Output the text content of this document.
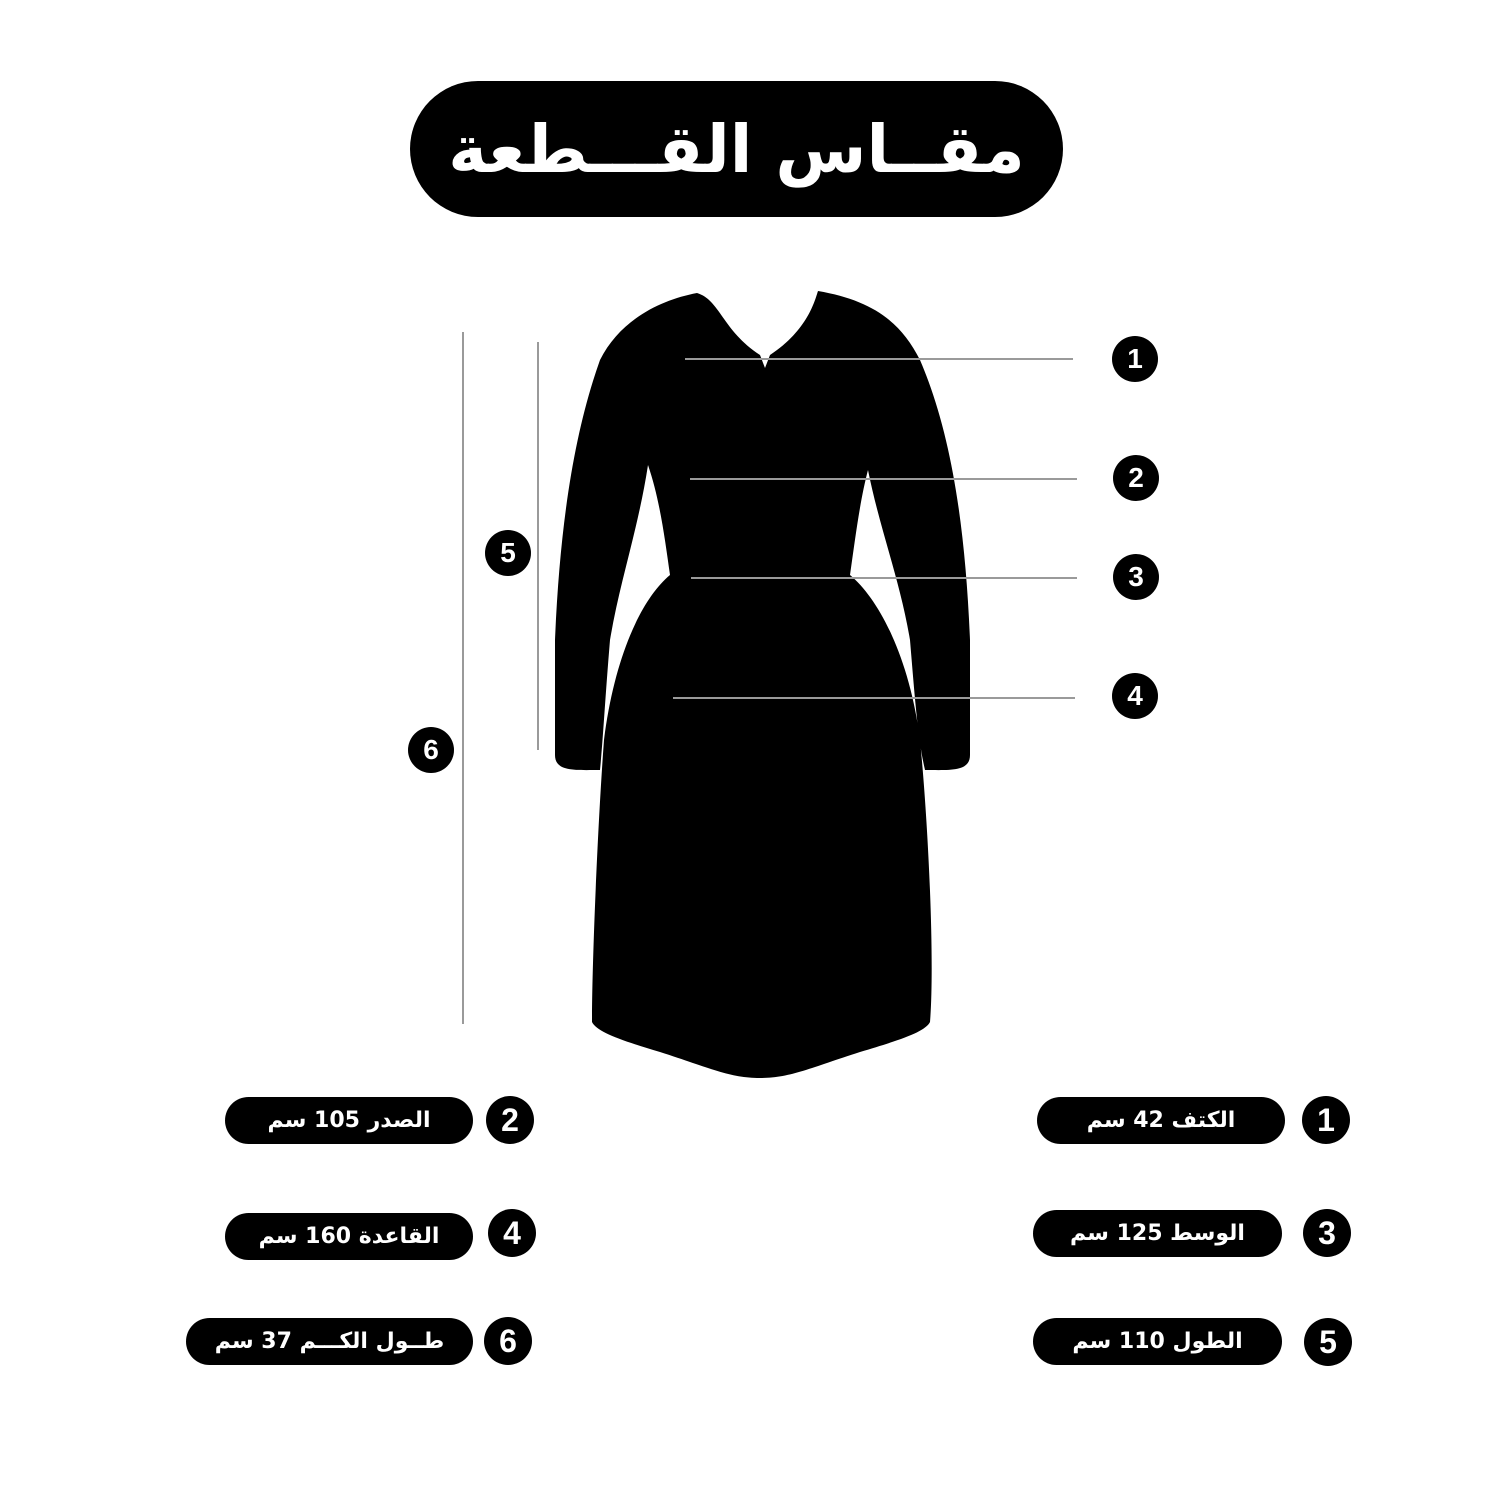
مقــاس القـــطعة
1
2
3
4
5
6
1
الكتف 42 سم
3
الوسط 125 سم
5
الطول 110 سم
2
الصدر 105 سم
4
القاعدة 160 سم
6
طــول الكـــم 37 سم
